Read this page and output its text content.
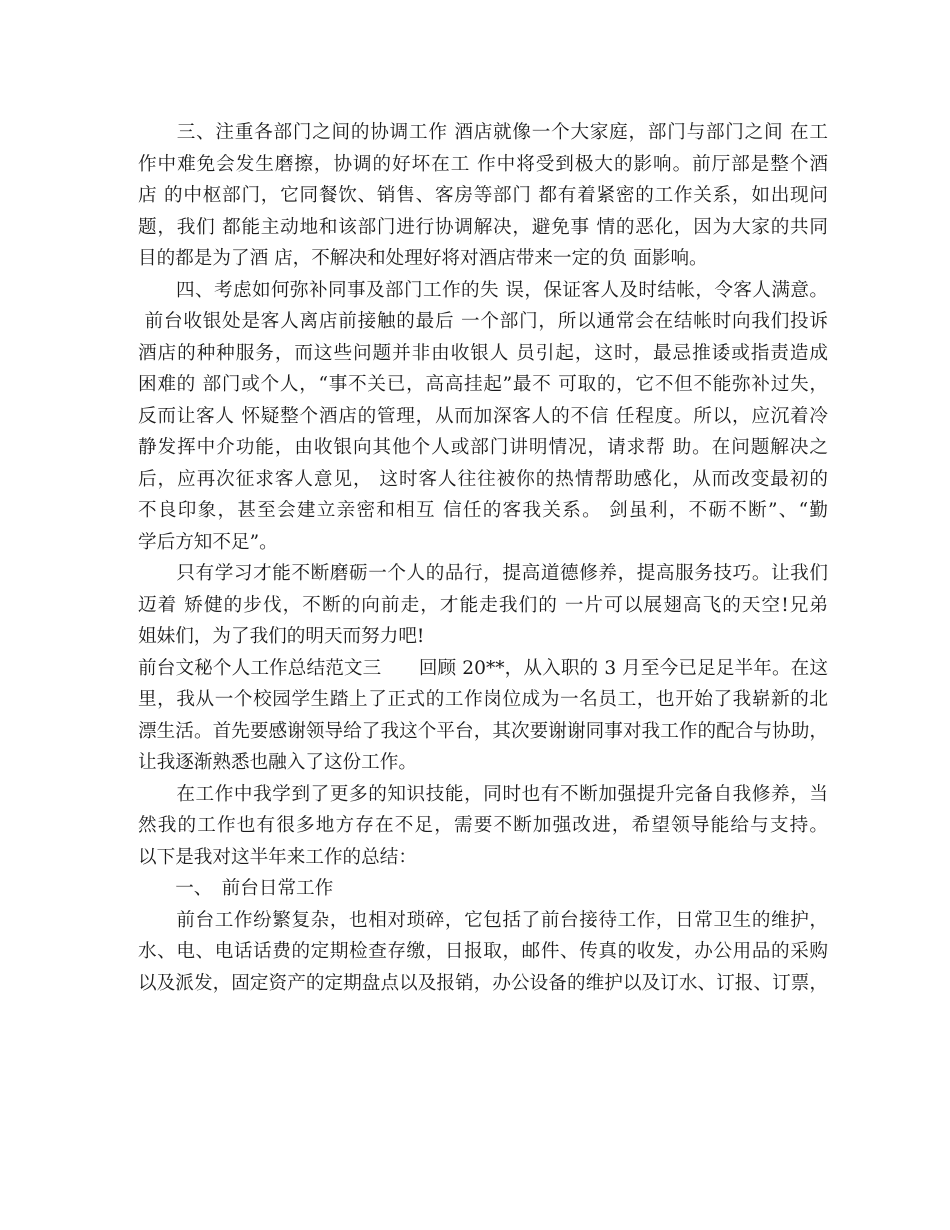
　　三、注重各部门之间的协调工作 酒店就像一个大家庭，部门与部门之间 在工
作中难免会发生磨擦，协调的好坏在工 作中将受到极大的影响。前厅部是整个酒
店 的中枢部门，它同餐饮、销售、客房等部门 都有着紧密的工作关系，如出现问
题，我们 都能主动地和该部门进行协调解决，避免事 情的恶化，因为大家的共同
目的都是为了酒 店，不解决和处理好将对酒店带来一定的负 面影响。
　　四、考虑如何弥补同事及部门工作的失 误，保证客人及时结帐，令客人满意。
前台收银处是客人离店前接触的最后 一个部门，所以通常会在结帐时向我们投诉
酒店的种种服务，而这些问题并非由收银人 员引起，这时，最忌推诿或指责造成
困难的 部门或个人，“事不关已，高高挂起”最不 可取的，它不但不能弥补过失，
反而让客人 怀疑整个酒店的管理，从而加深客人的不信 任程度。所以，应沉着冷
静发挥中介功能，由收银向其他个人或部门讲明情况，请求帮 助。在问题解决之
后，应再次征求客人意见， 这时客人往往被你的热情帮助感化，从而改变最初的
不良印象，甚至会建立亲密和相互 信任的客我关系。 剑虽利，不砺不断”、“勤
学后方知不足”。
　　只有学习才能不断磨砺一个人的品行，提高道德修养，提高服务技巧。让我们
迈着 矫健的步伐，不断的向前走，才能走我们的 一片可以展翅高飞的天空!兄弟
姐妹们，为了我们的明天而努力吧!
前台文秘个人工作总结范文三　　回顾 20**，从入职的 3 月至今已足足半年。在这
里，我从一个校园学生踏上了正式的工作岗位成为一名员工，也开始了我崭新的北
漂生活。首先要感谢领导给了我这个平台，其次要谢谢同事对我工作的配合与协助，
让我逐渐熟悉也融入了这份工作。
　　在工作中我学到了更多的知识技能，同时也有不断加强提升完备自我修养，当
然我的工作也有很多地方存在不足，需要不断加强改进，希望领导能给与支持。
以下是我对这半年来工作的总结：
　　一、　前台日常工作
　　前台工作纷繁复杂，也相对琐碎，它包括了前台接待工作，日常卫生的维护，
水、电、电话话费的定期检查存缴，日报取，邮件、传真的收发，办公用品的采购
以及派发，固定资产的定期盘点以及报销，办公设备的维护以及订水、订报、订票，
